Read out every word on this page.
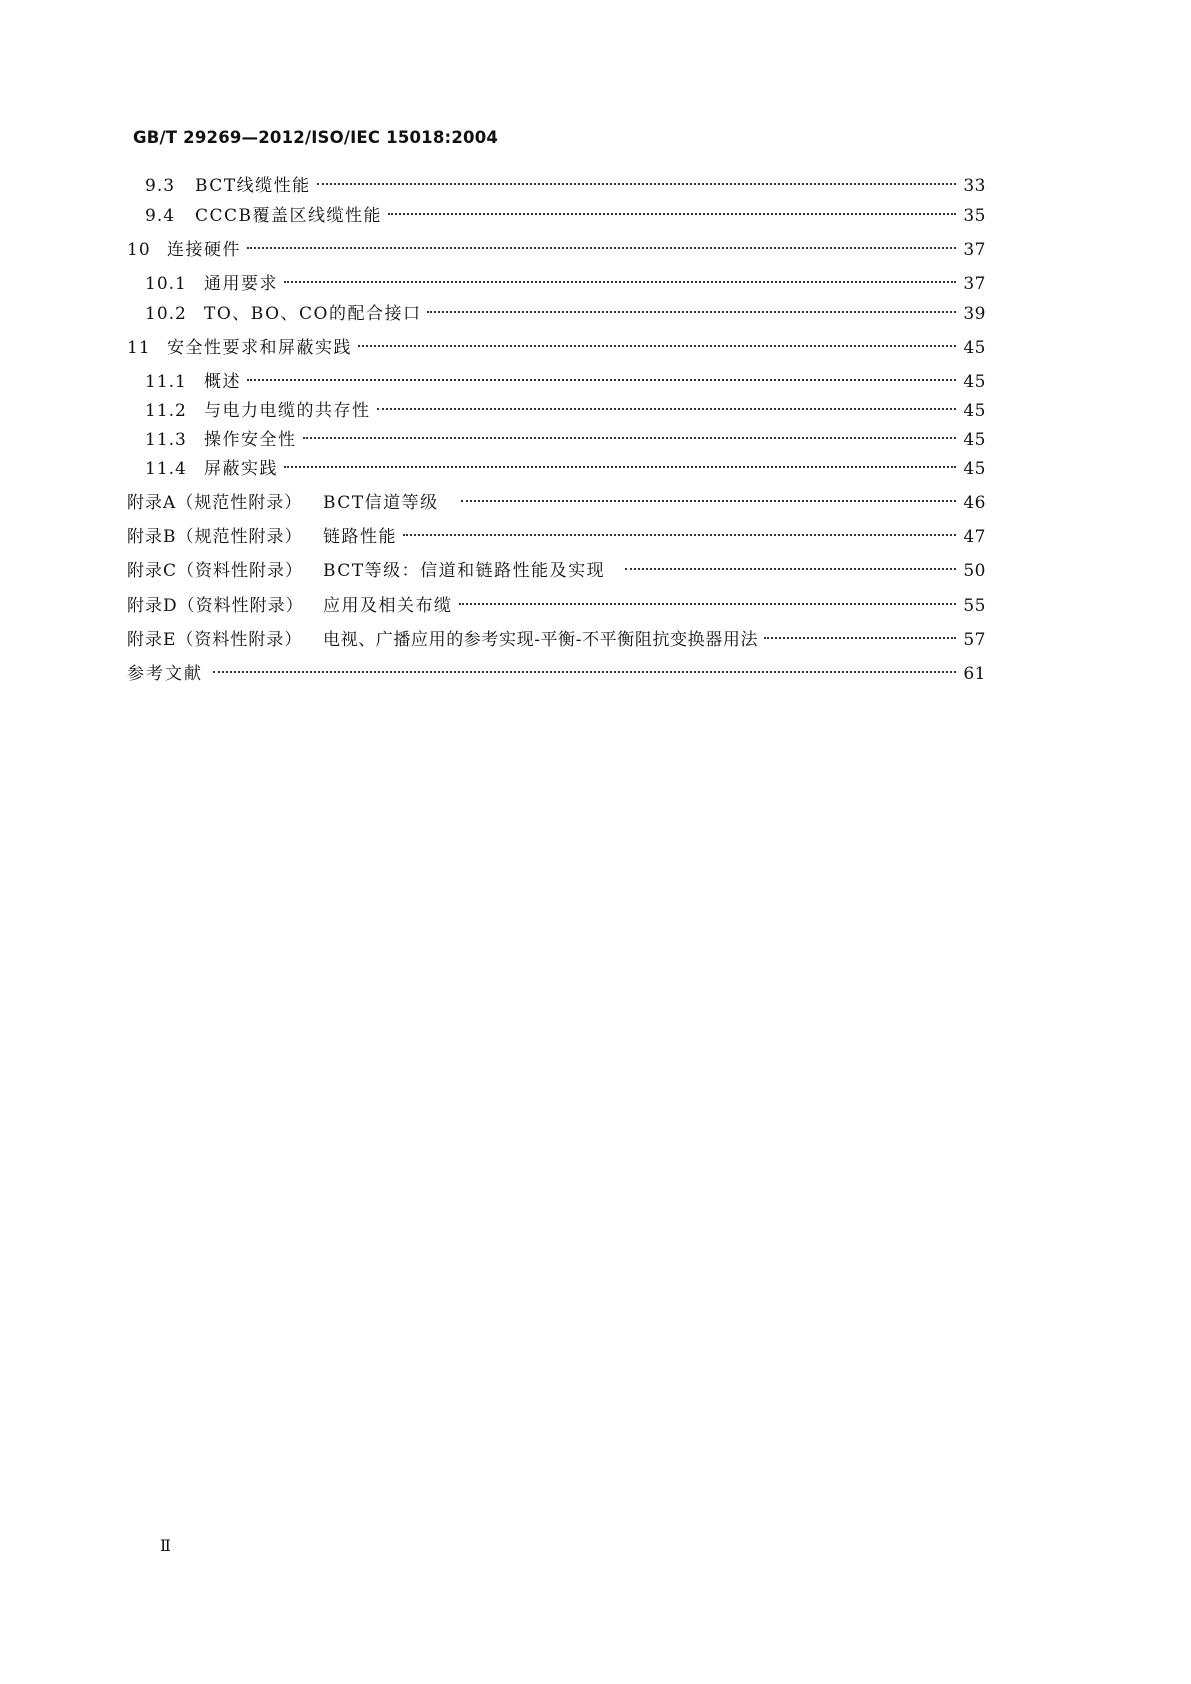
GB/T 29269—2012/ISO/IEC 15018:2004
9.3	BCT线缆性能	33
9.4	CCCB覆盖区线缆性能	35
10 连接硬件	37
10.1	通用要求	37
10.2	TO、BO、CO的配合接口	39
11 安全性要求和屏蔽实践	45
11.1	概述	45
11.2	与电力电缆的共存性	45
11.3	操作安全性	45
11.4	屏蔽实践	45
附录A（规范性附录）	BCT信道等级	46
附录B（规范性附录）	链路性能	47
附录C（资料性附录）	BCT等级：信道和链路性能及实现	50
附录D（资料性附录）	应用及相关布缆	55
附录E（资料性附录）	电视、广播应用的参考实现-平衡-不平衡阻抗变换器用法	57
参考文献	61
Ⅱ
